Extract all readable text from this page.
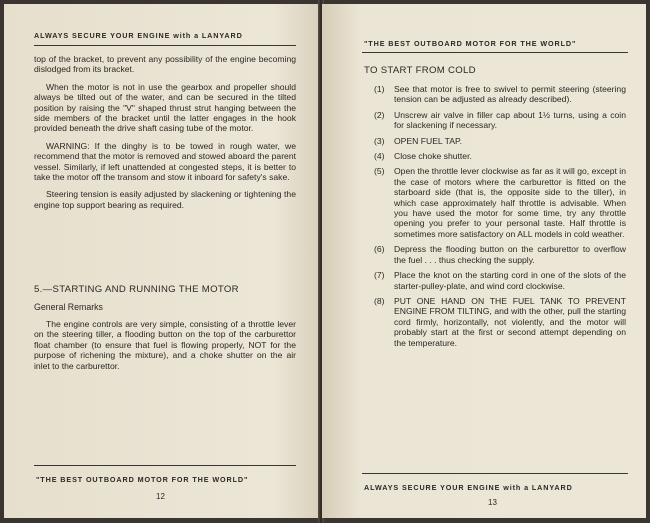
ALWAYS SECURE YOUR ENGINE with a LANYARD

top of the bracket, to prevent any possibility of the engine becoming dislodged from its bracket.

When the motor is not in use the gearbox and propeller should always be tilted out of the water, and can be secured in the tilted position by raising the "V" shaped thrust strut hanging between the side members of the bracket until the latter engages in the hook provided beneath the drive shaft casing tube of the motor.

WARNING: If the dinghy is to be towed in rough water, we recommend that the motor is removed and stowed aboard the parent vessel. Similarly, if left unattended at congested steps, it is better to take the motor off the transom and stow it inboard for safety's sake.

Steering tension is easily adjusted by slackening or tightening the engine top support bearing as required.

5.—STARTING AND RUNNING THE MOTOR
General Remarks

The engine controls are very simple, consisting of a throttle lever on the steering tiller, a flooding button on the top of the carburettor float chamber (to ensure that fuel is flowing properly, NOT for the purpose of richening the mixture), and a choke shutter on the air inlet to the carburettor.

"THE BEST OUTBOARD MOTOR FOR THE WORLD"
12
"THE BEST OUTBOARD MOTOR FOR THE WORLD"
TO START FROM COLD
(1)	See that motor is free to swivel to permit steering (steering tension can be adjusted as already described).
(2)	Unscrew air valve in filler cap about 1½ turns, using a coin for slackening if necessary.
(3)	OPEN FUEL TAP.
(4)	Close choke shutter.
(5)	Open the throttle lever clockwise as far as it will go, except in the case of motors where the carburettor is fitted on the starboard side (that is, the opposite side to the tiller), in which case approximately half throttle is advisable. When you have used the motor for some time, try any throttle opening you prefer to your personal taste. Half throttle is sometimes more satisfactory on ALL models in cold weather.
(6)	Depress the flooding button on the carburettor to overflow the fuel . . . thus checking the supply.
(7)	Place the knot on the starting cord in one of the slots of the starter-pulley-plate, and wind cord clockwise.
(8)	PUT ONE HAND ON THE FUEL TANK TO PREVENT ENGINE FROM TILTING, and with the other, pull the starting cord firmly, horizontally, not violently, and the motor will probably start at the first or second attempt depending on the temperature.
ALWAYS SECURE YOUR ENGINE with a LANYARD
13
